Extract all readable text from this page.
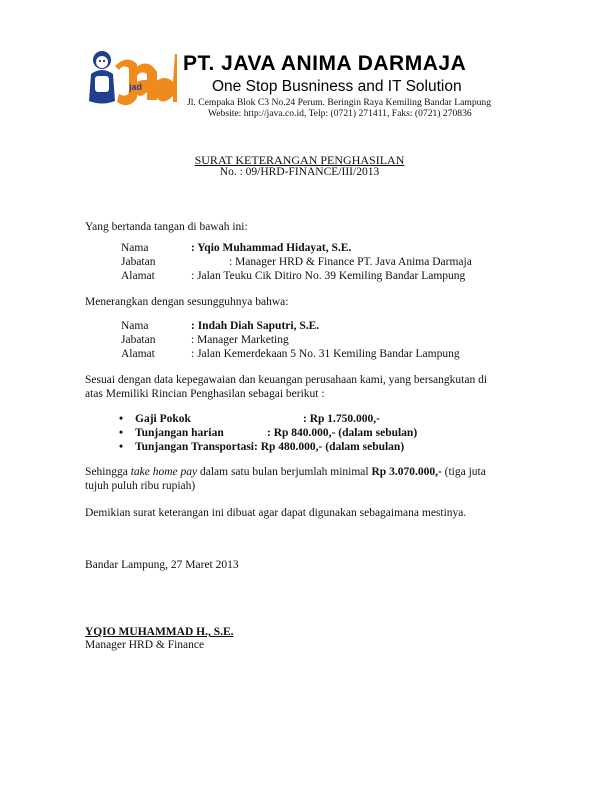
jad
PT. JAVA ANIMA DARMAJA
One Stop Busniness and IT Solution
Jl. Cempaka Blok C3 No.24 Perum. Beringin Raya Kemiling Bandar Lampung
Website: http://java.co.id, Telp: (0721) 271411, Faks: (0721) 270836
SURAT KETERANGAN PENGHASILAN
No. : 09/HRD-FINANCE/III/2013
Yang bertanda tangan di bawah ini:
Nama	: Yqio Muhammad Hidayat, S.E.
Jabatan	: Manager HRD & Finance PT. Java Anima Darmaja
Alamat	: Jalan Teuku Cik Ditiro No. 39 Kemiling Bandar Lampung
Menerangkan dengan sesungguhnya bahwa:
Nama	: Indah Diah Saputri, S.E.
Jabatan	: Manager Marketing
Alamat	: Jalan Kemerdekaan 5 No. 31 Kemiling Bandar Lampung
Sesuai dengan data kepegawaian dan keuangan perusahaan kami, yang bersangkutan di
atas Memiliki Rincian Penghasilan sebagai berikut :
• Gaji Pokok	: Rp 1.750.000,-
• Tunjangan harian	: Rp 840.000,- (dalam sebulan)
• Tunjangan Transportasi: Rp 480.000,- (dalam sebulan)
Sehingga take home pay dalam satu bulan berjumlah minimal Rp 3.070.000,- (tiga juta
tujuh puluh ribu rupiah)
Demikian surat keterangan ini dibuat agar dapat digunakan sebagaimana mestinya.
Bandar Lampung, 27 Maret 2013
YQIO MUHAMMAD H., S.E.
Manager HRD & Finance
